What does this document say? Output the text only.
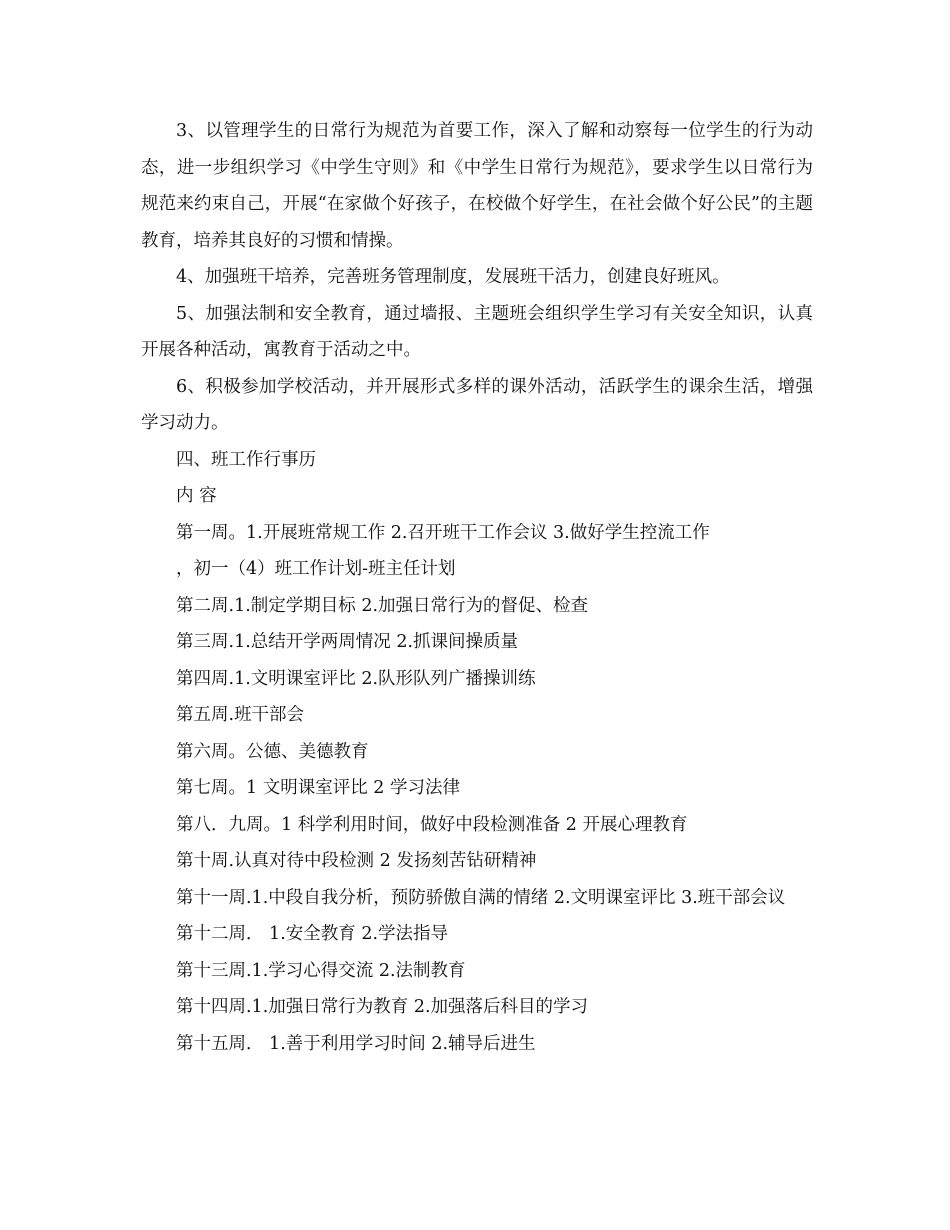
3、以管理学生的日常行为规范为首要工作，深入了解和动察每一位学生的行为动态，进一步组织学习《中学生守则》和《中学生日常行为规范》，要求学生以日常行为规范来约束自己，开展“在家做个好孩子，在校做个好学生，在社会做个好公民”的主题教育，培养其良好的习惯和情操。

4、加强班干培养，完善班务管理制度，发展班干活力，创建良好班风。

5、加强法制和安全教育，通过墙报、主题班会组织学生学习有关安全知识，认真开展各种活动，寓教育于活动之中。

6、积极参加学校活动，并开展形式多样的课外活动，活跃学生的课余生活，增强学习动力。

四、班工作行事历

内 容

第一周。1.开展班常规工作 2.召开班干工作会议 3.做好学生控流工作

，初一（4）班工作计划-班主任计划

第二周.1.制定学期目标 2.加强日常行为的督促、检查

第三周.1.总结开学两周情况 2.抓课间操质量

第四周.1.文明课室评比 2.队形队列广播操训练

第五周.班干部会

第六周。公德、美德教育

第七周。1 文明课室评比 2 学习法律

第八．九周。1 科学利用时间，做好中段检测准备 2 开展心理教育

第十周.认真对待中段检测 2 发扬刻苦钻研精神

第十一周.1.中段自我分析，预防骄傲自满的情绪 2.文明课室评比 3.班干部会议

第十二周． 1.安全教育 2.学法指导

第十三周.1.学习心得交流 2.法制教育

第十四周.1.加强日常行为教育 2.加强落后科目的学习

第十五周． 1.善于利用学习时间 2.辅导后进生
